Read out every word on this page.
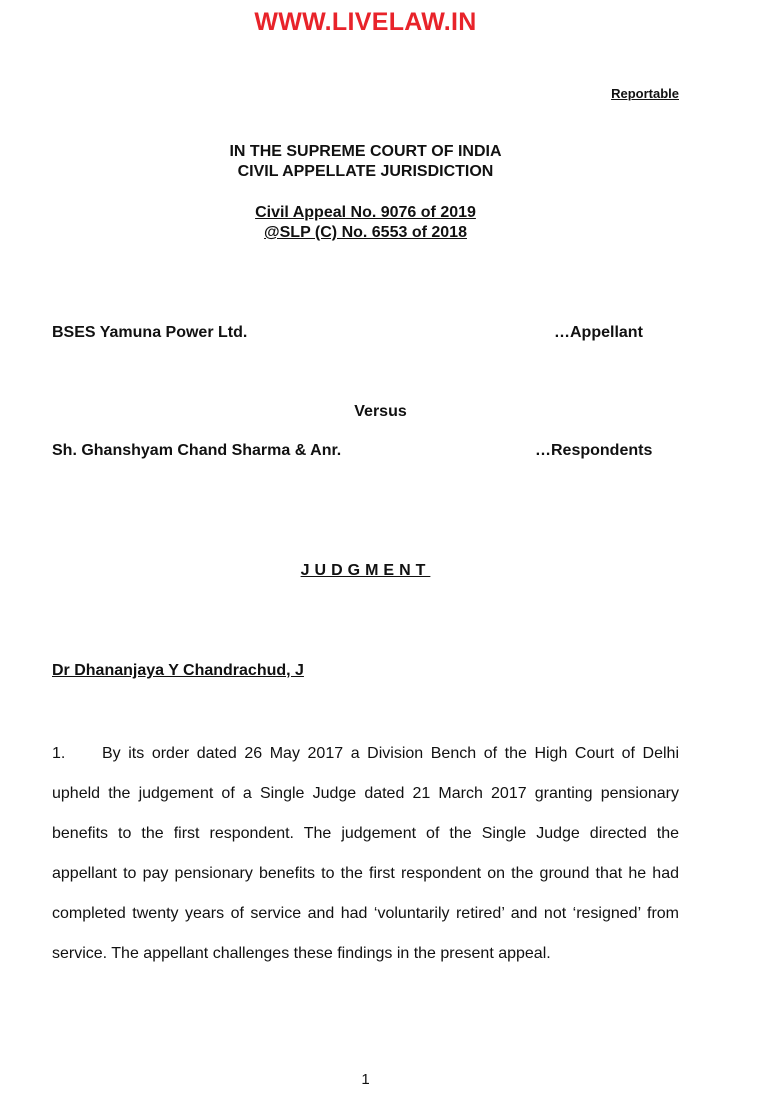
WWW.LIVELAW.IN
Reportable
IN THE SUPREME COURT OF INDIA
CIVIL APPELLATE JURISDICTION
Civil Appeal No. 9076 of 2019
@SLP (C) No. 6553 of 2018
BSES Yamuna Power Ltd.	…Appellant
Versus
Sh. Ghanshyam Chand Sharma & Anr.	…Respondents
JUDGMENT
Dr Dhananjaya Y Chandrachud, J

1. By its order dated 26 May 2017 a Division Bench of the High Court of Delhi upheld the judgement of a Single Judge dated 21 March 2017 granting pensionary benefits to the first respondent. The judgement of the Single Judge directed the appellant to pay pensionary benefits to the first respondent on the ground that he had completed twenty years of service and had ‘voluntarily retired’ and not ‘resigned’ from service. The appellant challenges these findings in the present appeal.

1
